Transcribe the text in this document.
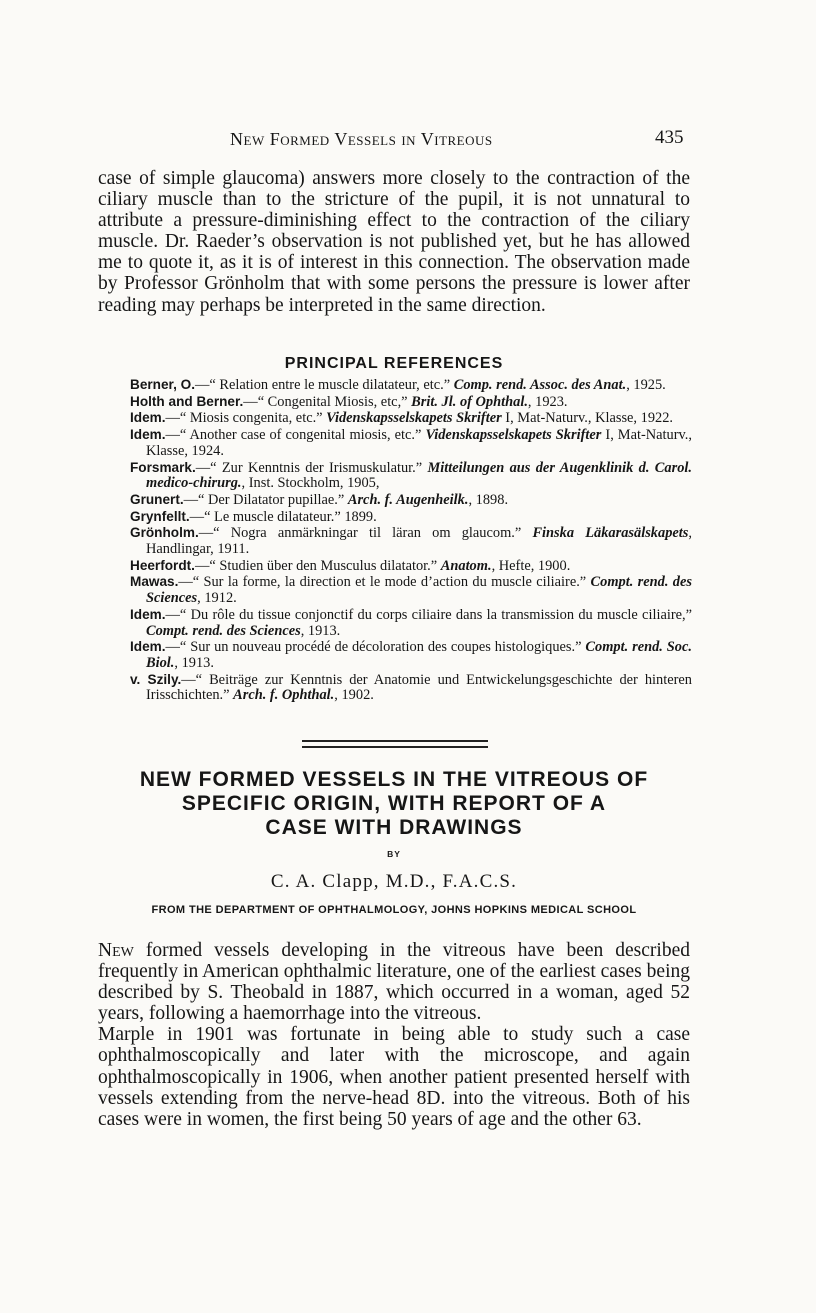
New Formed Vessels in Vitreous	435

case of simple glaucoma) answers more closely to the contraction of the ciliary muscle than to the stricture of the pupil, it is not unnatural to attribute a pressure-diminishing effect to the contraction of the ciliary muscle. Dr. Raeder’s observation is not published yet, but he has allowed me to quote it, as it is of interest in this connection. The observation made by Professor Grönholm that with some persons the pressure is lower after reading may perhaps be interpreted in the same direction.

PRINCIPAL REFERENCES

Berner, O.—“ Relation entre le muscle dilatateur, etc.” Comp. rend. Assoc. des Anat., 1925.

Holth and Berner.—“ Congenital Miosis, etc,” Brit. Jl. of Ophthal., 1923.

Idem.—“ Miosis congenita, etc.” Videnskapsselskapets Skrifter I, Mat-Naturv., Klasse, 1922.

Idem.—“ Another case of congenital miosis, etc.” Videnskapsselskapets Skrifter I, Mat-Naturv., Klasse, 1924.

Forsmark.—“ Zur Kenntnis der Irismuskulatur.” Mitteilungen aus der Augenklinik d. Carol. medico-chirurg., Inst. Stockholm, 1905,

Grunert.—“ Der Dilatator pupillae.” Arch. f. Augenheilk., 1898.

Grynfellt.—“ Le muscle dilatateur.” 1899.

Grönholm.—“ Nogra anmärkningar til läran om glaucom.” Finska Läkarasälskapets, Handlingar, 1911.

Heerfordt.—“ Studien über den Musculus dilatator.” Anatom., Hefte, 1900.

Mawas.—“ Sur la forme, la direction et le mode d’action du muscle ciliaire.” Compt. rend. des Sciences, 1912.

Idem.—“ Du rôle du tissue conjonctif du corps ciliaire dans la transmission du muscle ciliaire,” Compt. rend. des Sciences, 1913.

Idem.—“ Sur un nouveau procédé de décoloration des coupes histologiques.” Compt. rend. Soc. Biol., 1913.

v. Szily.—“ Beiträge zur Kenntnis der Anatomie und Entwickelungsgeschichte der hinteren Irisschichten.” Arch. f. Ophthal., 1902.

NEW FORMED VESSELS IN THE VITREOUS OF
SPECIFIC ORIGIN, WITH REPORT OF A
CASE WITH DRAWINGS
BY
C. A. Clapp, M.D., F.A.C.S.
FROM THE DEPARTMENT OF OPHTHALMOLOGY, JOHNS HOPKINS MEDICAL SCHOOL

New formed vessels developing in the vitreous have been described frequently in American ophthalmic literature, one of the earliest cases being described by S. Theobald in 1887, which occurred in a woman, aged 52 years, following a haemorrhage into the vitreous.

Marple in 1901 was fortunate in being able to study such a case ophthalmoscopically and later with the microscope, and again ophthalmoscopically in 1906, when another patient presented herself with vessels extending from the nerve-head 8D. into the vitreous. Both of his cases were in women, the first being 50 years of age and the other 63.
